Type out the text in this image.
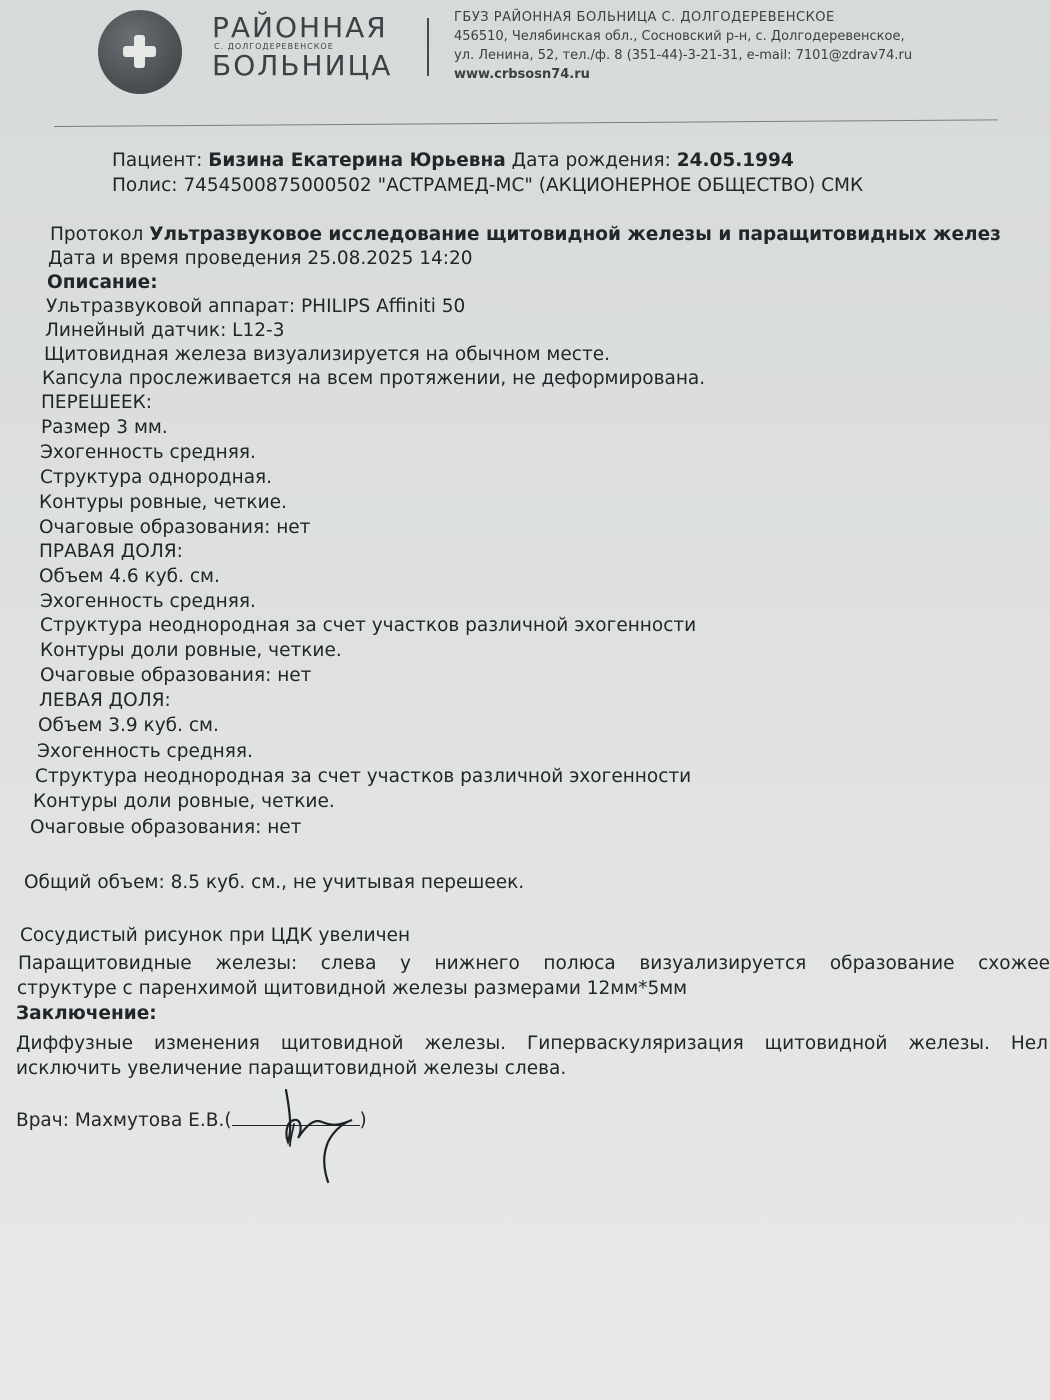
РАЙОННАЯ
С. ДОЛГОДЕРЕВЕНСКОЕ
БОЛЬНИЦА
ГБУЗ РАЙОННАЯ БОЛЬНИЦА С. ДОЛГОДЕРЕВЕНСКОЕ
456510, Челябинская обл., Сосновский р-н, с. Долгодеревенское,
ул. Ленина, 52, тел./ф. 8 (351-44)-3-21-31, e-mail: 7101@zdrav74.ru
www.crbsosn74.ru
Пациент: Бизина Екатерина Юрьевна Дата рождения: 24.05.1994
Полис: 7454500875000502 "АСТРАМЕД-МС" (АКЦИОНЕРНОЕ ОБЩЕСТВО) СМК
Протокол Ультразвуковое исследование щитовидной железы и паращитовидных желез
Дата и время проведения 25.08.2025 14:20
Описание:
Ультразвуковой аппарат: PHILIPS Affiniti 50
Линейный датчик: L12-3
Щитовидная железа визуализируется на обычном месте.
Капсула прослеживается на всем протяжении, не деформирована.
ПЕРЕШЕЕК:
Размер 3 мм.
Эхогенность средняя.
Структура однородная.
Контуры ровные, четкие.
Очаговые образования: нет
ПРАВАЯ ДОЛЯ:
Объем 4.6 куб. см.
Эхогенность средняя.
Структура неоднородная за счет участков различной эхогенности
Контуры доли ровные, четкие.
Очаговые образования: нет
ЛЕВАЯ ДОЛЯ:
Объем 3.9 куб. см.
Эхогенность средняя.
Структура неоднородная за счет участков различной эхогенности
Контуры доли ровные, четкие.
Очаговые образования: нет
Общий объем: 8.5 куб. см., не учитывая перешеек.
Сосудистый рисунок при ЦДК увеличен
Паращитовидные железы: слева у нижнего полюса визуализируется образование схожее
структуре с паренхимой щитовидной железы размерами 12мм*5мм
Заключение:
Диффузные изменения щитовидной железы. Гиперваскуляризация щитовидной железы. Нел
исключить увеличение паращитовидной железы слева.
Врач: Махмутова Е.В.(	)
